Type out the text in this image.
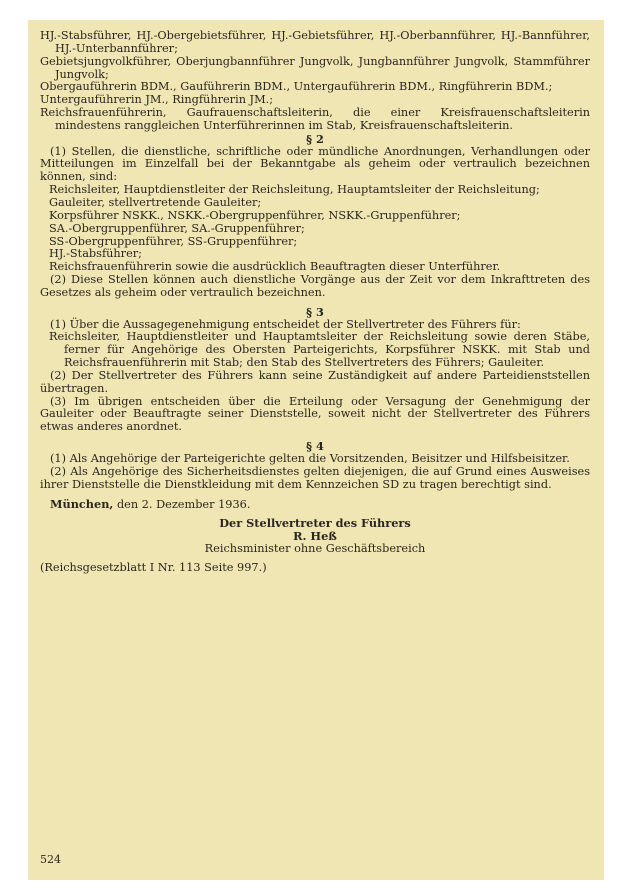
HJ.-Stabsführer, HJ.-Obergebietsführer, HJ.-Gebietsführer, HJ.-Oberbannführer, HJ.-Bannführer, HJ.-Unterbannführer;

Gebietsjungvolkführer, Oberjungbannführer Jungvolk, Jungbannführer Jungvolk, Stammführer Jungvolk;

Obergauführerin BDM., Gauführerin BDM., Untergauführerin BDM., Ringführerin BDM.;

Untergauführerin JM., Ringführerin JM.;

Reichsfrauenführerin, Gaufrauenschaftsleiterin, die einer Kreisfrauenschaftsleiterin mindestens ranggleichen Unterführerinnen im Stab, Kreisfrauenschaftsleiterin.

§ 2

(1) Stellen, die dienstliche, schriftliche oder mündliche Anordnungen, Verhandlungen oder Mitteilungen im Einzelfall bei der Bekanntgabe als geheim oder vertraulich bezeichnen können, sind:

Reichsleiter, Hauptdienstleiter der Reichsleitung, Hauptamtsleiter der Reichsleitung;

Gauleiter, stellvertretende Gauleiter;

Korpsführer NSKK., NSKK.-Obergruppenführer, NSKK.-Gruppenführer;

SA.-Obergruppenführer, SA.-Gruppenführer;

SS-Obergruppenführer, SS-Gruppenführer;

HJ.-Stabsführer;

Reichsfrauenführerin sowie die ausdrücklich Beauftragten dieser Unterführer.

(2) Diese Stellen können auch dienstliche Vorgänge aus der Zeit vor dem Inkrafttreten des Gesetzes als geheim oder vertraulich bezeichnen.

§ 3

(1) Über die Aussagegenehmigung entscheidet der Stellvertreter des Führers für:

Reichsleiter, Hauptdienstleiter und Hauptamtsleiter der Reichsleitung sowie deren Stäbe, ferner für Angehörige des Obersten Parteigerichts, Korpsführer NSKK. mit Stab und Reichsfrauenführerin mit Stab; den Stab des Stellvertreters des Führers; Gauleiter.

(2) Der Stellvertreter des Führers kann seine Zuständigkeit auf andere Parteidienststellen übertragen.

(3) Im übrigen entscheiden über die Erteilung oder Versagung der Genehmigung der Gauleiter oder Beauftragte seiner Dienststelle, soweit nicht der Stellvertreter des Führers etwas anderes anordnet.

§ 4

(1) Als Angehörige der Parteigerichte gelten die Vorsitzenden, Beisitzer und Hilfsbeisitzer.

(2) Als Angehörige des Sicherheitsdienstes gelten diejenigen, die auf Grund eines Ausweises ihrer Dienststelle die Dienstkleidung mit dem Kennzeichen SD zu tragen berechtigt sind.

München, den 2. Dezember 1936.

Der Stellvertreter des Führers

R. Heß

Reichsminister ohne Geschäftsbereich

(Reichsgesetzblatt I Nr. 113 Seite 997.)

524
